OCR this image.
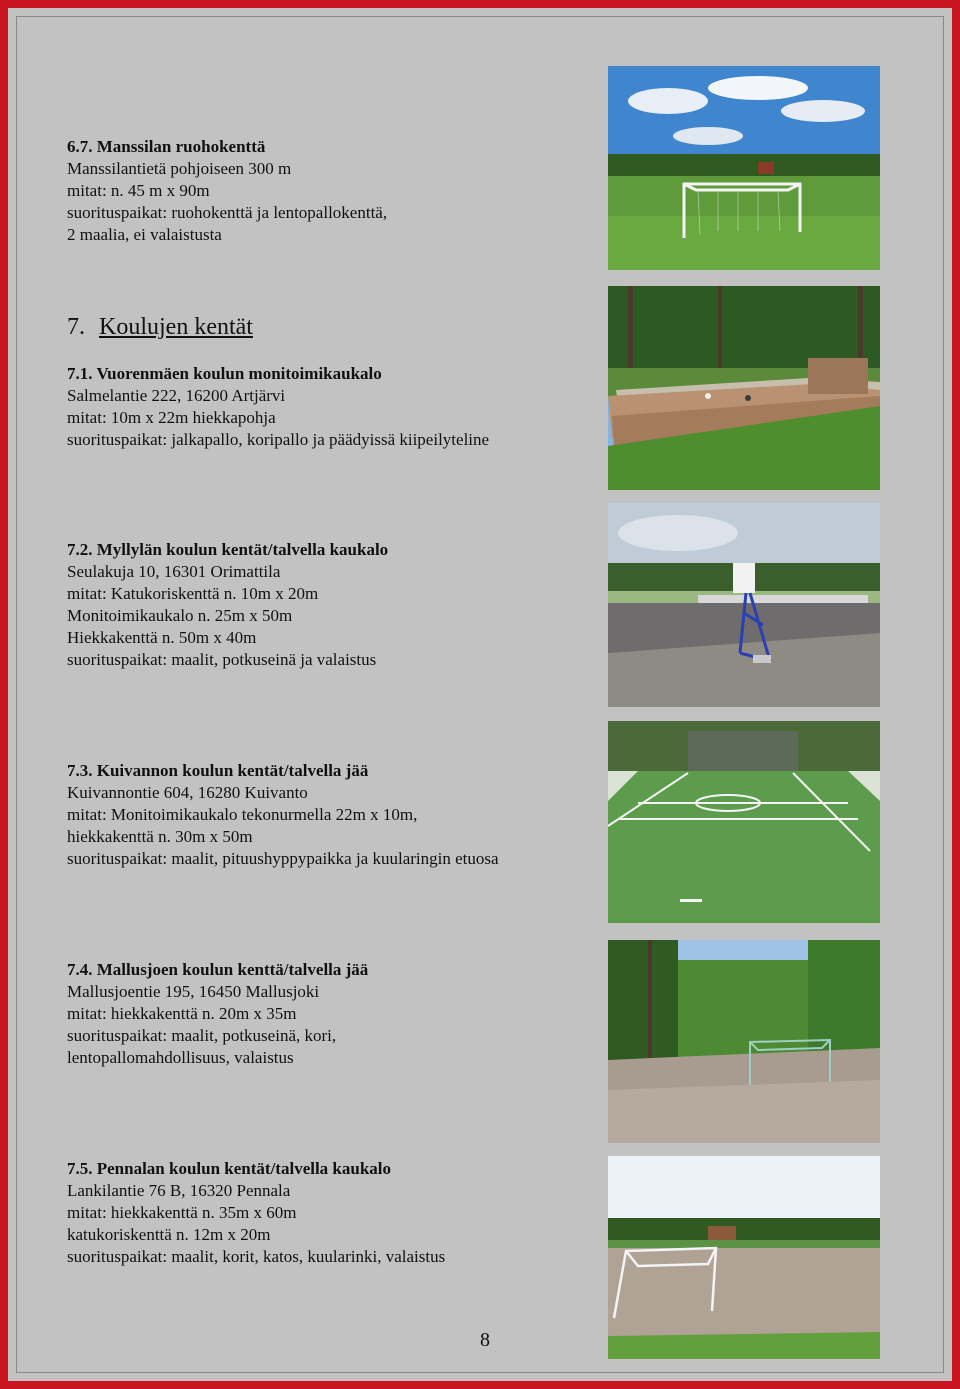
6.7. Manssilan ruohokenttä
Manssilantietä pohjoiseen 300 m
mitat: n. 45 m x 90m
suorituspaikat: ruohokenttä ja lentopallokenttä,
2 maalia, ei valaistusta
7. Koulujen kentät
7.1. Vuorenmäen koulun monitoimikaukalo
Salmelantie 222, 16200 Artjärvi
mitat: 10m x 22m hiekkapohja
suorituspaikat: jalkapallo, koripallo ja päädyissä kiipeilyteline
7.2. Myllylän koulun kentät/talvella kaukalo
Seulakuja 10, 16301 Orimattila
mitat: Katukoriskenttä n. 10m x 20m
Monitoimikaukalo n. 25m x 50m
Hiekkakenttä n. 50m x 40m
suorituspaikat: maalit, potkuseinä ja valaistus
7.3. Kuivannon koulun kentät/talvella jää
Kuivannontie 604, 16280 Kuivanto
mitat: Monitoimikaukalo tekonurmella 22m x 10m,
hiekkakenttä n. 30m x 50m
suorituspaikat: maalit, pituushyppypaikka ja kuularingin etuosa
7.4. Mallusjoen koulun kenttä/talvella jää
Mallusjoentie 195, 16450 Mallusjoki
mitat: hiekkakenttä n. 20m x 35m
suorituspaikat: maalit, potkuseinä, kori,
lentopallomahdollisuus, valaistus
7.5. Pennalan koulun kentät/talvella kaukalo
Lankilantie 76 B, 16320 Pennala
mitat: hiekkakenttä n. 35m x 60m
katukoriskenttä n. 12m x 20m
suorituspaikat: maalit, korit, katos, kuularinki, valaistus
8
